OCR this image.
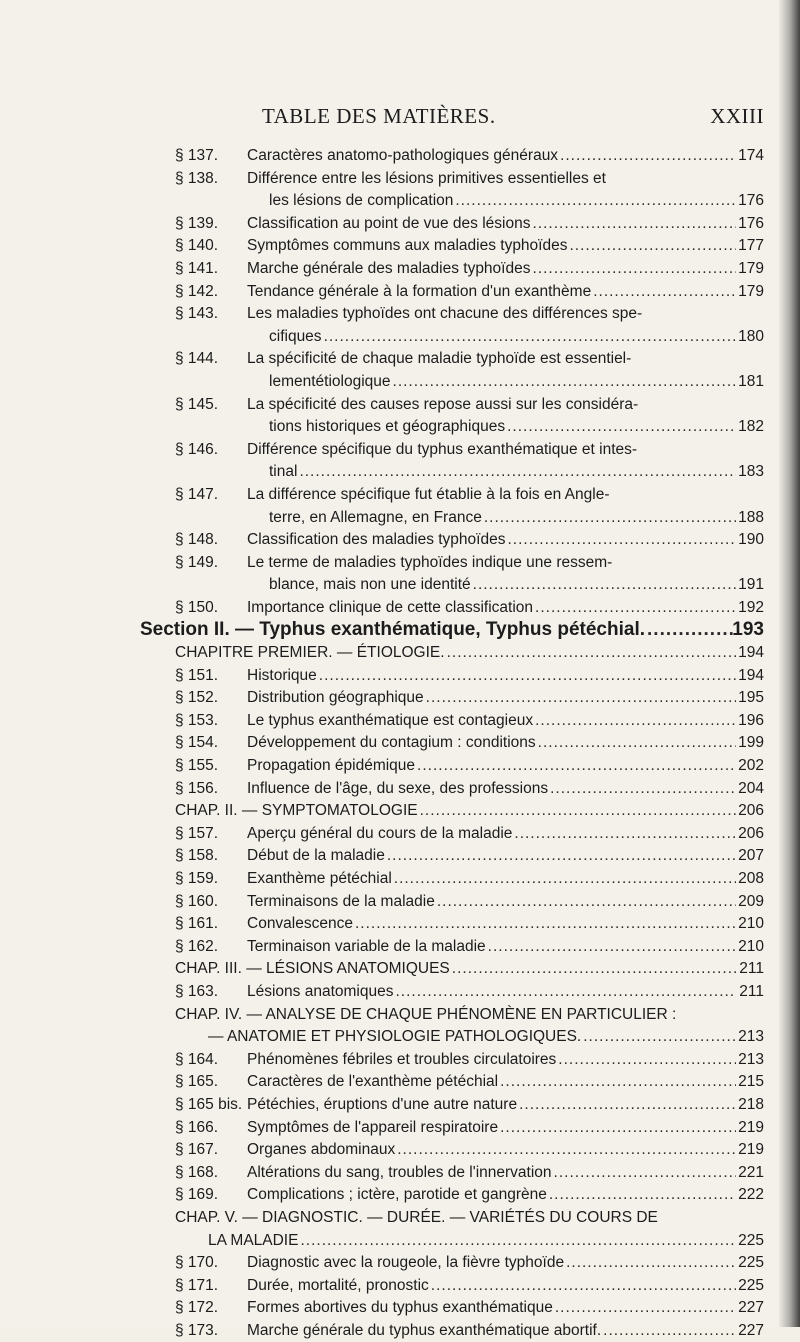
TABLE DES MATIÈRES.	XXIII
§ 137. Caractères anatomo-pathologiques généraux .....	174
§ 138. Différence entre les lésions primitives essentielles et
les lésions de complication .....	176
§ 139. Classification au point de vue des lésions .....	176
§ 140. Symptômes communs aux maladies typhoïdes .....	177
§ 141. Marche générale des maladies typhoïdes .....	179
§ 142. Tendance générale à la formation d'un exanthème .....	179
§ 143. Les maladies typhoïdes ont chacune des différences spe-
cifiques .....	180
§ 144. La spécificité de chaque maladie typhoïde est essentiel-
lementétiologique .....	181
§ 145. La spécificité des causes repose aussi sur les considéra-
tions historiques et géographiques .....	182
§ 146. Différence spécifique du typhus exanthématique et intes-
tinal .....	183
§ 147. La différence spécifique fut établie à la fois en Angle-
terre, en Allemagne, en France .....	188
§ 148. Classification des maladies typhoïdes .....	190
§ 149. Le terme de maladies typhoïdes indique une ressem-
blance, mais non une identité .....	191
§ 150. Importance clinique de cette classification .....	192
Section II. — Typhus exanthématique, Typhus pétéchial. .....	193
CHAPITRE PREMIER. — ÉTIOLOGIE. .....	194
§ 151. Historique .....	194
§ 152. Distribution géographique .....	195
§ 153. Le typhus exanthématique est contagieux .....	196
§ 154. Développement du contagium : conditions .....	199
§ 155. Propagation épidémique .....	202
§ 156. Influence de l'âge, du sexe, des professions .....	204
CHAP. II. — SYMPTOMATOLOGIE .....	206
§ 157. Aperçu général du cours de la maladie .....	206
§ 158. Début de la maladie .....	207
§ 159. Exanthème pétéchial .....	208
§ 160. Terminaisons de la maladie .....	209
§ 161. Convalescence .....	210
§ 162. Terminaison variable de la maladie .....	210
CHAP. III. — LÉSIONS ANATOMIQUES .....	211
§ 163. Lésions anatomiques .....	211
CHAP. IV. — ANALYSE DE CHAQUE PHÉNOMÈNE EN PARTICULIER :
— ANATOMIE ET PHYSIOLOGIE PATHOLOGIQUES. .....	213
§ 164. Phénomènes fébriles et troubles circulatoires .....	213
§ 165. Caractères de l'exanthème pétéchial .....	215
§ 165 bis. Pétéchies, éruptions d'une autre nature .....	218
§ 166. Symptômes de l'appareil respiratoire .....	219
§ 167. Organes abdominaux .....	219
§ 168. Altérations du sang, troubles de l'innervation .....	221
§ 169. Complications ; ictère, parotide et gangrène .....	222
CHAP. V. — DIAGNOSTIC. — DURÉE. — VARIÉTÉS DU COURS DE
LA MALADIE .....	225
§ 170. Diagnostic avec la rougeole, la fièvre typhoïde .....	225
§ 171. Durée, mortalité, pronostic .....	225
§ 172. Formes abortives du typhus exanthématique .....	227
§ 173. Marche générale du typhus exanthématique abortif. .....	227
